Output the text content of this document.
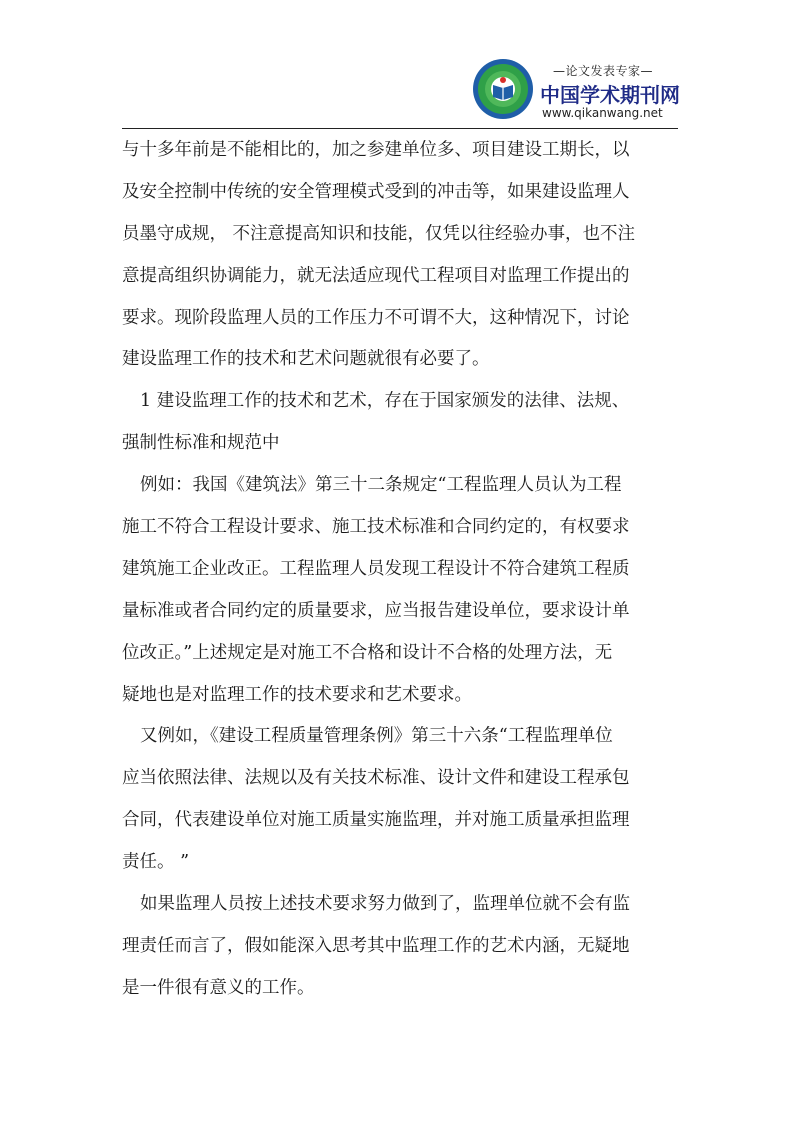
—论文发表专家—
中国学术期刊网
www.qikanwang.net
与十多年前是不能相比的，加之参建单位多、项目建设工期长，以
及安全控制中传统的安全管理模式受到的冲击等，如果建设监理人
员墨守成规， 不注意提高知识和技能，仅凭以往经验办事，也不注
意提高组织协调能力，就无法适应现代工程项目对监理工作提出的
要求。现阶段监理人员的工作压力不可谓不大，这种情况下，讨论
建设监理工作的技术和艺术问题就很有必要了。
1 建设监理工作的技术和艺术，存在于国家颁发的法律、法规、
强制性标准和规范中
例如：我国《建筑法》第三十二条规定“工程监理人员认为工程
施工不符合工程设计要求、施工技术标准和合同约定的，有权要求
建筑施工企业改正。工程监理人员发现工程设计不符合建筑工程质
量标准或者合同约定的质量要求，应当报告建设单位，要求设计单
位改正。”上述规定是对施工不合格和设计不合格的处理方法，无
疑地也是对监理工作的技术要求和艺术要求。
又例如，《建设工程质量管理条例》第三十六条“工程监理单位
应当依照法律、法规以及有关技术标准、设计文件和建设工程承包
合同，代表建设单位对施工质量实施监理，并对施工质量承担监理
责任。 ”
如果监理人员按上述技术要求努力做到了，监理单位就不会有监
理责任而言了，假如能深入思考其中监理工作的艺术内涵，无疑地
是一件很有意义的工作。
